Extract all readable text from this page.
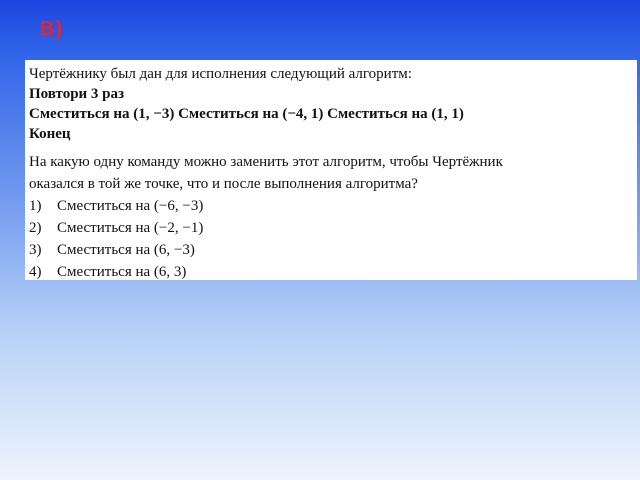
В)
Чертёжнику был дан для исполнения следующий алгоритм:
Повтори 3 раз
Сместиться на (1, −3) Сместиться на (−4, 1) Сместиться на (1, 1)
Конец
На какую одну команду можно заменить этот алгоритм, чтобы Чертёжник
оказался в той же точке, что и после выполнения алгоритма?
1)	Сместиться на (−6, −3)
2)	Сместиться на (−2, −1)
3)	Сместиться на (6, −3)
4)	Сместиться на (6, 3)
